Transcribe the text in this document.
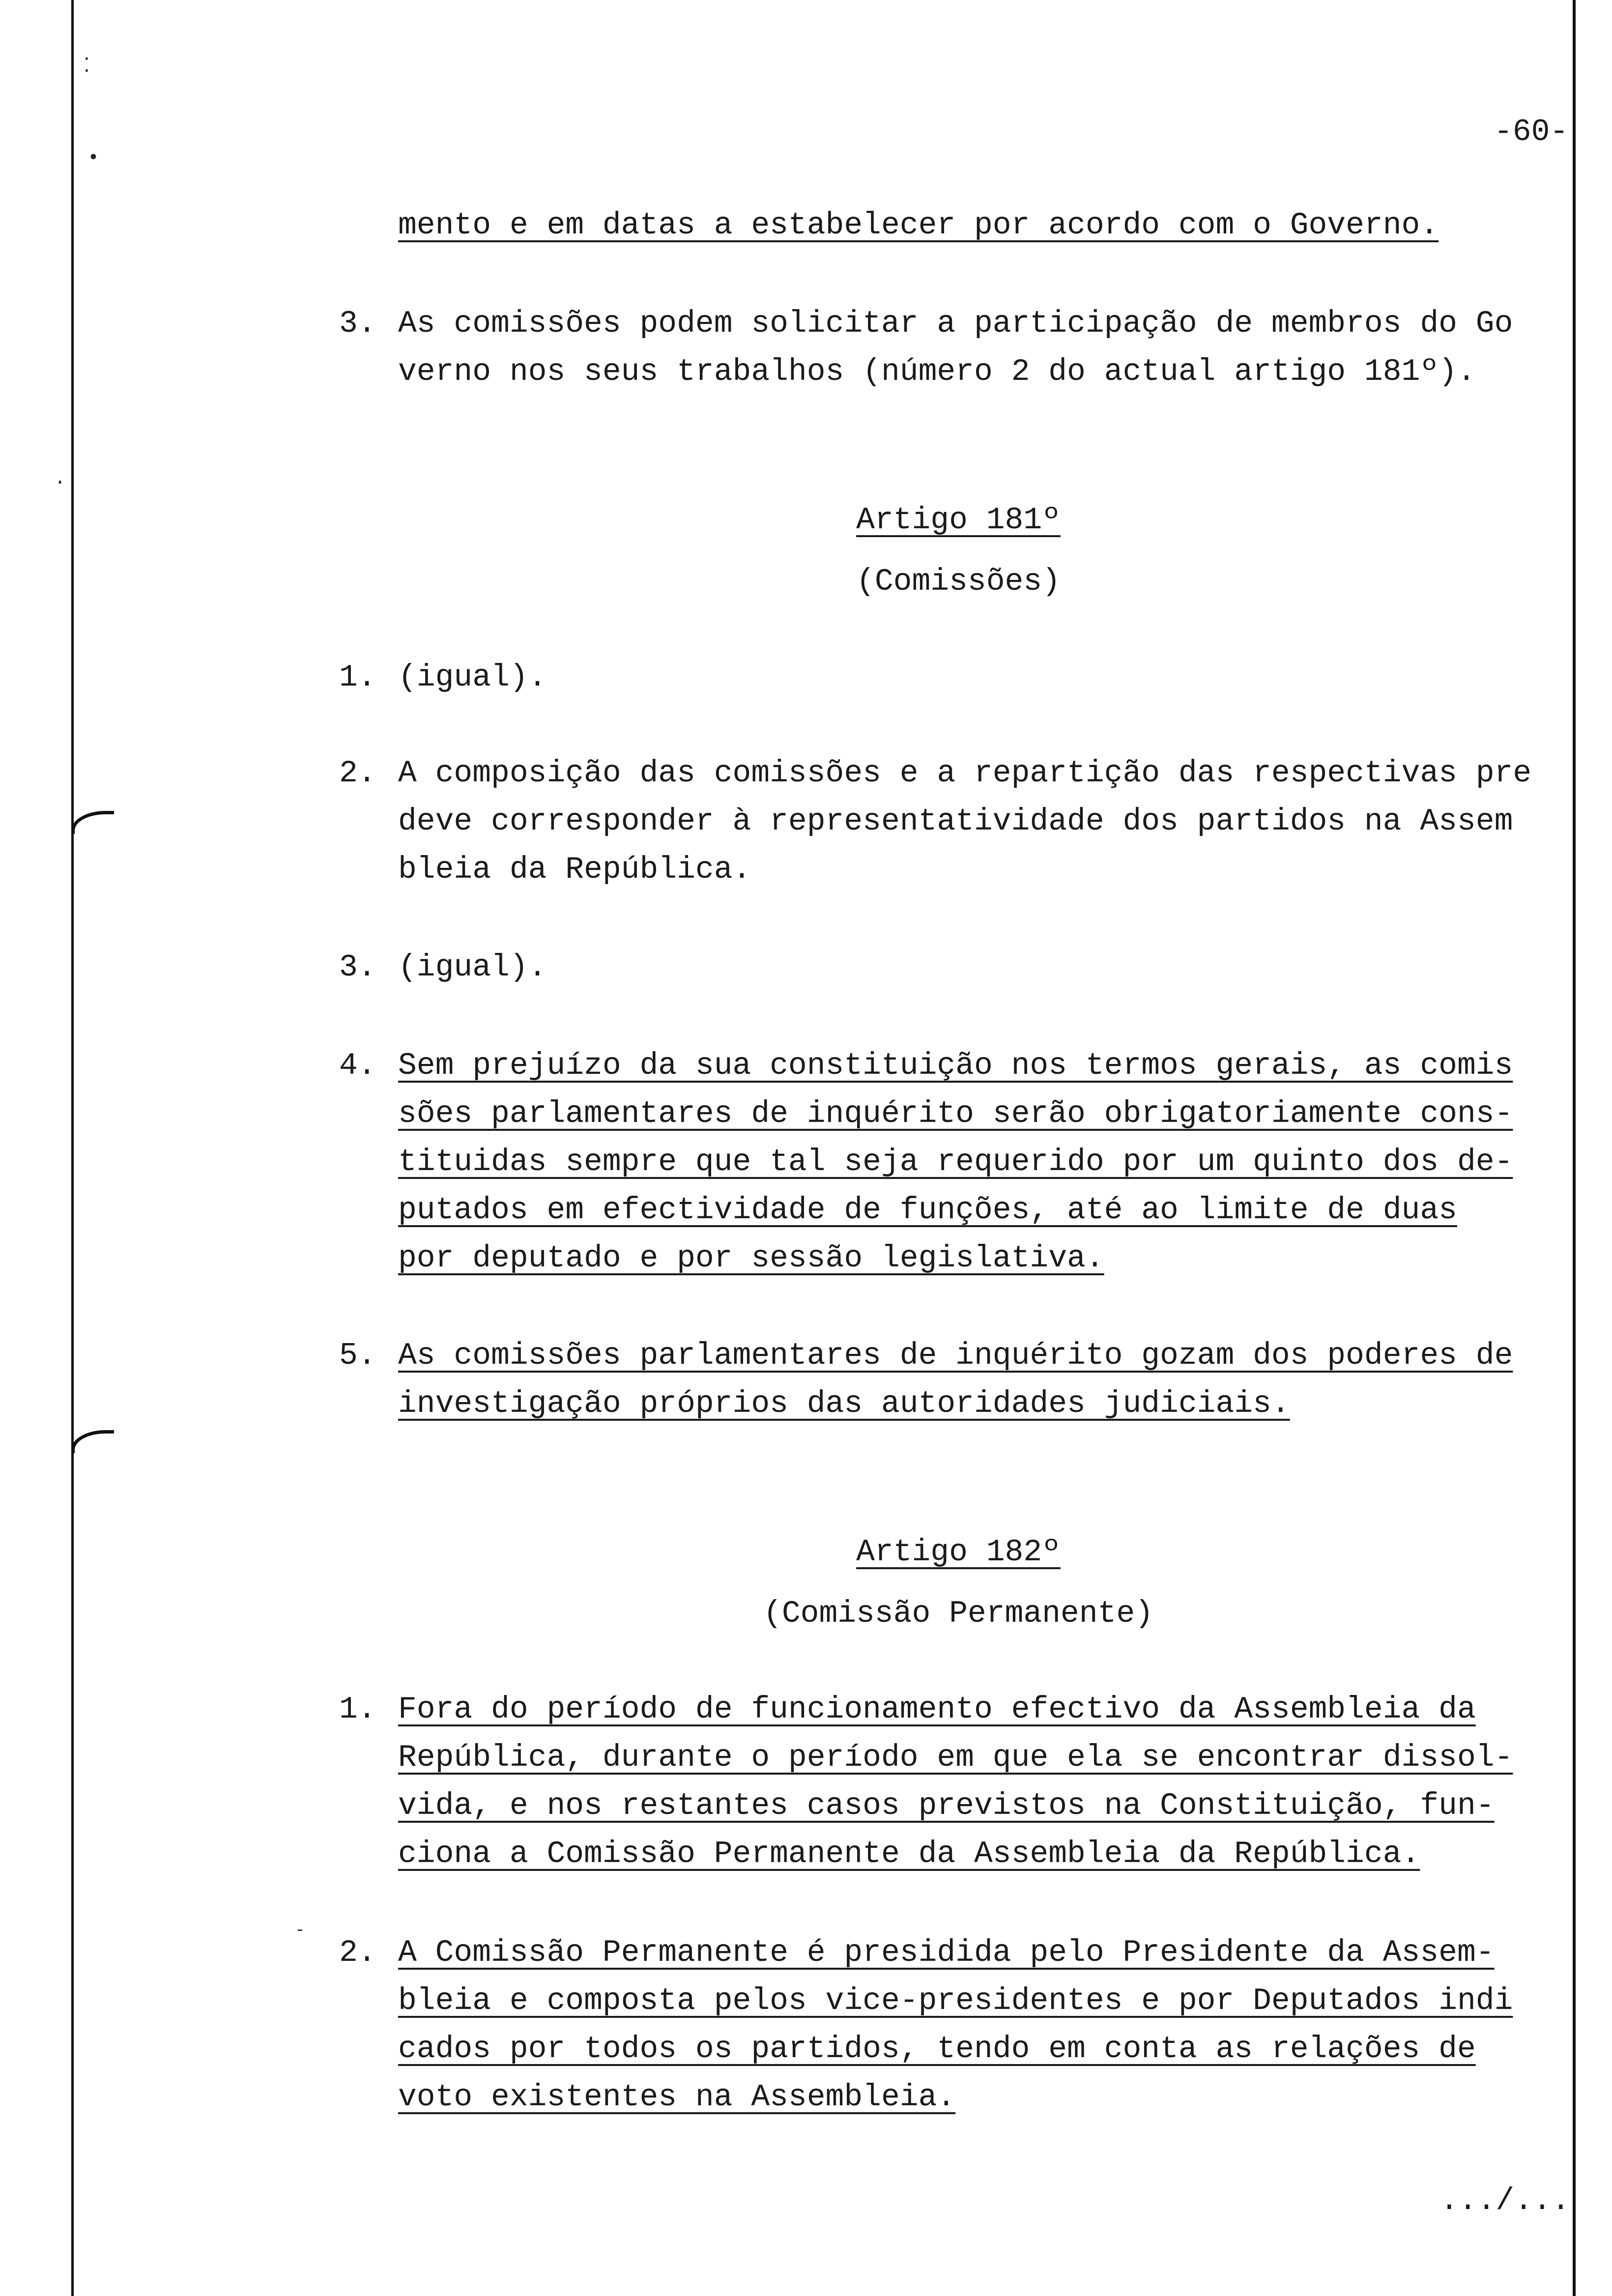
⁚
•
·
-
-60-
mento e em datas a estabelecer por acordo com o Governo.
3. As comissões podem solicitar a participação de membros do Go
verno nos seus trabalhos (número 2 do actual artigo 181º).
Artigo 181º
(Comissões)
1. (igual).
2. A composição das comissões e a repartição das respectivas pre
deve corresponder à representatividade dos partidos na Assem
bleia da República.
3. (igual).
4. Sem prejuízo da sua constituição nos termos gerais, as comis
sões parlamentares de inquérito serão obrigatoriamente cons-
tituidas sempre que tal seja requerido por um quinto dos de-
putados em efectividade de funções, até ao limite de duas
por deputado e por sessão legislativa.
5. As comissões parlamentares de inquérito gozam dos poderes de
investigação próprios das autoridades judiciais.
Artigo 182º
(Comissão Permanente)
1. Fora do período de funcionamento efectivo da Assembleia da
República, durante o período em que ela se encontrar dissol-
vida, e nos restantes casos previstos na Constituição, fun-
ciona a Comissão Permanente da Assembleia da República.
2. A Comissão Permanente é presidida pelo Presidente da Assem-
bleia e composta pelos vice-presidentes e por Deputados indi
cados por todos os partidos, tendo em conta as relações de
voto existentes na Assembleia.
.../...
